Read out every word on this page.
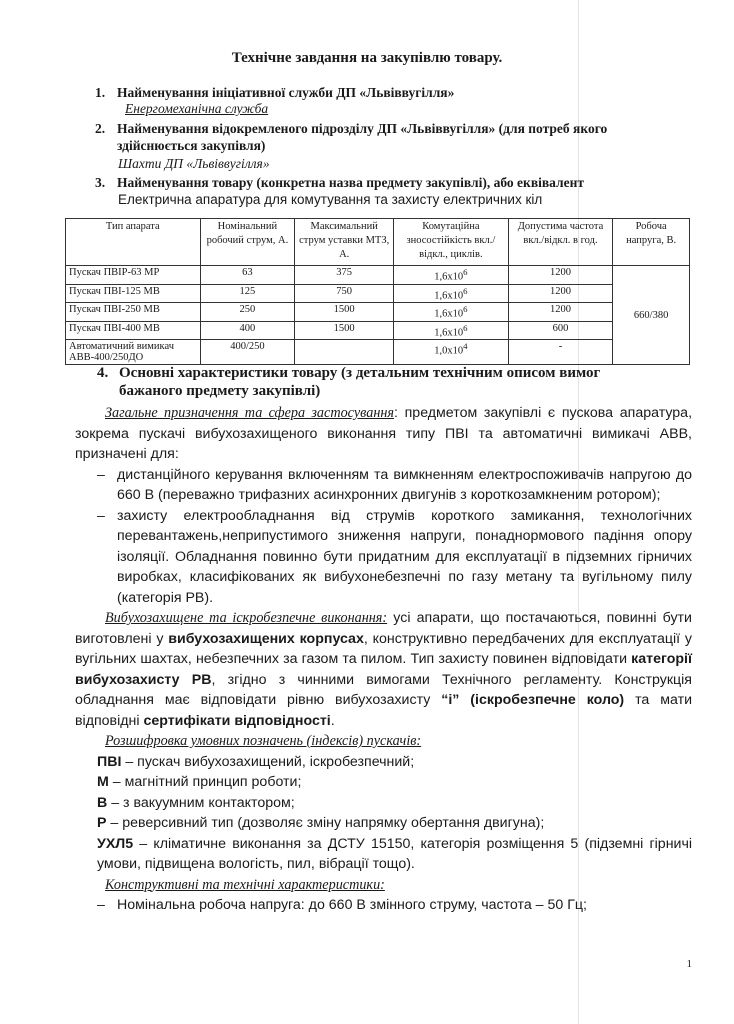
Технічне завдання на закупівлю товару.
1. Найменування ініціативної служби ДП «Львіввугілля»
Енергомеханічна служба
2. Найменування відокремленого підрозділу ДП «Львіввугілля» (для потреб якого
здійснюється закупівля)
Шахти ДП «Львіввугілля»
3. Найменування товару (конкретна назва предмету закупівлі), або еквівалент
Електрична апаратура для комутування та захисту електричних кіл
Тип апарата	Номінальний робочий струм, А.	Максимальний струм уставки МТЗ, А.	Комутаційна зносостійкість вкл./відкл., циклів.	Допустима частота вкл./відкл. в год.	Робоча напруга, В.
Пускач ПВІР-63 МР	63	375	$1,6x10^6$	1200	660/380
Пускач ПВІ-125 МВ	125	750	$1,6x10^6$	1200	
Пускач ПВІ-250 МВ	250	1500	$1,6x10^6$	1200	
Пускач ПВІ-400 МВ	400	1500	$1,6x10^6$	600	
Автоматичний вимикач
АВВ-400/250ДО	400/250		$1,0x10^4$	-	
4. Основні характеристики товару (з детальним технічним описом вимог
бажаного предмету закупівлі)
Загальне призначення та сфера застосування: предметом закупівлі є пускова апаратура, зокрема пускачі вибухозахищеного виконання типу ПВІ та автоматичні вимикачі АВВ, призначені для:
– дистанційного керування включенням та вимкненням електроспоживачів напругою до 660 В (переважно трифазних асинхронних двигунів з короткозамкненим ротором);
– захисту електрообладнання від струмів короткого замикання, технологічних перевантажень,неприпустимого зниження напруги, понаднормового падіння опору ізоляції. Обладнання повинно бути придатним для експлуатації в підземних гірничих виробках, класифікованих як вибухонебезпечні по газу метану та вугільному пилу (категорія РВ).
Вибухозахищене та іскробезпечне виконання: усі апарати, що постачаються, повинні бути виготовлені у вибухозахищених корпусах, конструктивно передбачених для експлуатації у вугільних шахтах, небезпечних за газом та пилом. Тип захисту повинен відповідати категорії вибухозахисту РВ, згідно з чинними вимогами Технічного регламенту. Конструкція обладнання має відповідати рівню вибухозахисту “і” (іскробезпечне коло) та мати відповідні сертифікати відповідності.
Розшифровка умовних позначень (індексів) пускачів:
ПВІ – пускач вибухозахищений, іскробезпечний;
М – магнітний принцип роботи;
В – з вакуумним контактором;
Р – реверсивний тип (дозволяє зміну напрямку обертання двигуна);
УХЛ5 – кліматичне виконання за ДСТУ 15150, категорія розміщення 5 (підземні гірничі умови, підвищена вологість, пил, вібрації тощо).
Конструктивні та технічні характеристики:
– Номінальна робоча напруга: до 660 В змінного струму, частота – 50 Гц;
1
